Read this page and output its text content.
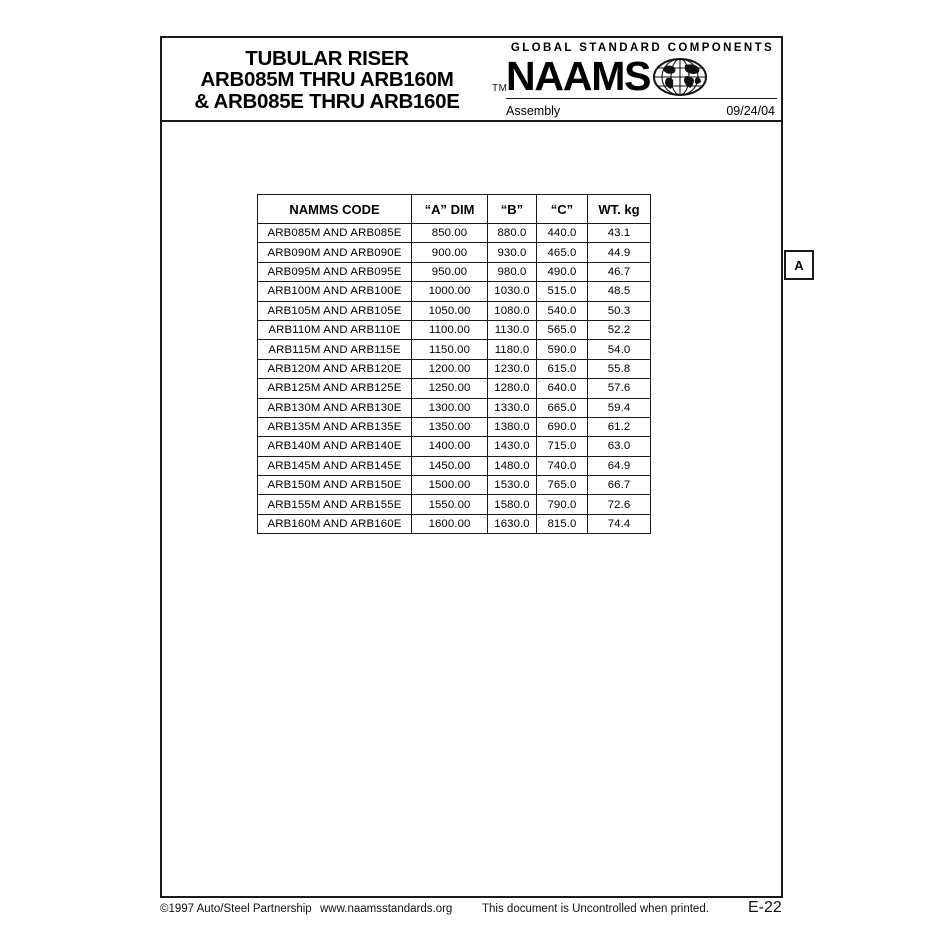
TUBULAR RISER
ARB085M THRU ARB160M
& ARB085E THRU ARB160E
TM
GLOBAL STANDARD COMPONENTS
NAAMS
Assembly	09/24/04
A
NAMMS CODE	“A” DIM	“B”	“C”	WT. kg
ARB085M AND ARB085E	850.00	880.0	440.0	43.1
ARB090M AND ARB090E	900.00	930.0	465.0	44.9
ARB095M AND ARB095E	950.00	980.0	490.0	46.7
ARB100M AND ARB100E	1000.00	1030.0	515.0	48.5
ARB105M AND ARB105E	1050.00	1080.0	540.0	50.3
ARB110M AND ARB110E	1100.00	1130.0	565.0	52.2
ARB115M AND ARB115E	1150.00	1180.0	590.0	54.0
ARB120M AND ARB120E	1200.00	1230.0	615.0	55.8
ARB125M AND ARB125E	1250.00	1280.0	640.0	57.6
ARB130M AND ARB130E	1300.00	1330.0	665.0	59.4
ARB135M AND ARB135E	1350.00	1380.0	690.0	61.2
ARB140M AND ARB140E	1400.00	1430.0	715.0	63.0
ARB145M AND ARB145E	1450.00	1480.0	740.0	64.9
ARB150M AND ARB150E	1500.00	1530.0	765.0	66.7
ARB155M AND ARB155E	1550.00	1580.0	790.0	72.6
ARB160M AND ARB160E	1600.00	1630.0	815.0	74.4
©1997 Auto/Steel Partnership www.naamsstandards.org	This document is Uncontrolled when printed. E-22
